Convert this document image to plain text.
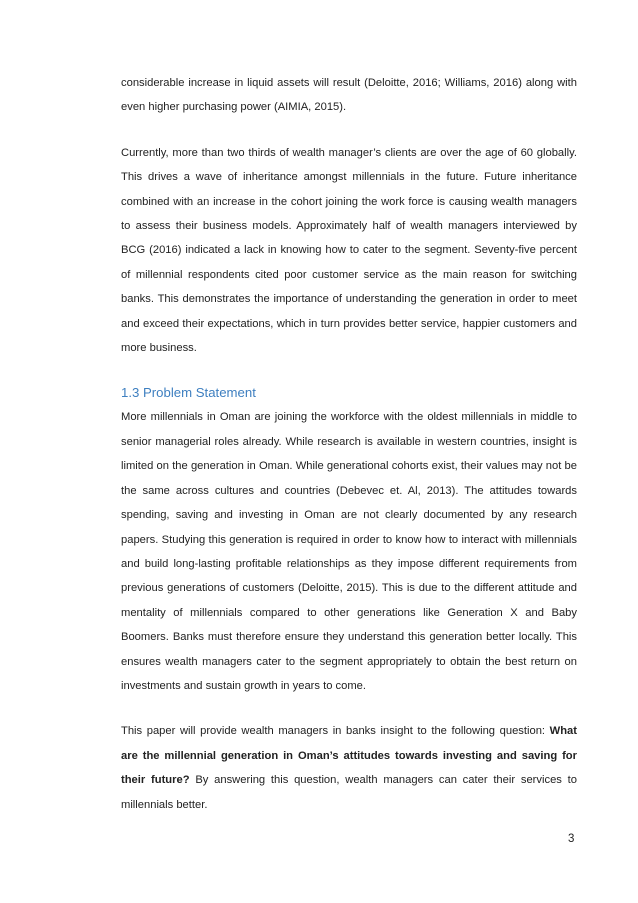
considerable increase in liquid assets will result (Deloitte, 2016; Williams, 2016) along with even higher purchasing power (AIMIA, 2015).

Currently, more than two thirds of wealth manager’s clients are over the age of 60 globally. This drives a wave of inheritance amongst millennials in the future. Future inheritance combined with an increase in the cohort joining the work force is causing wealth managers to assess their business models. Approximately half of wealth managers interviewed by BCG (2016) indicated a lack in knowing how to cater to the segment. Seventy-five percent of millennial respondents cited poor customer service as the main reason for switching banks. This demonstrates the importance of understanding the generation in order to meet and exceed their expectations, which in turn provides better service, happier customers and more business.

1.3 Problem Statement

More millennials in Oman are joining the workforce with the oldest millennials in middle to senior managerial roles already. While research is available in western countries, insight is limited on the generation in Oman. While generational cohorts exist, their values may not be the same across cultures and countries (Debevec et. Al, 2013). The attitudes towards spending, saving and investing in Oman are not clearly documented by any research papers. Studying this generation is required in order to know how to interact with millennials and build long-lasting profitable relationships as they impose different requirements from previous generations of customers (Deloitte, 2015). This is due to the different attitude and mentality of millennials compared to other generations like Generation X and Baby Boomers. Banks must therefore ensure they understand this generation better locally. This ensures wealth managers cater to the segment appropriately to obtain the best return on investments and sustain growth in years to come.

This paper will provide wealth managers in banks insight to the following question: What are the millennial generation in Oman’s attitudes towards investing and saving for their future? By answering this question, wealth managers can cater their services to millennials better.

3
